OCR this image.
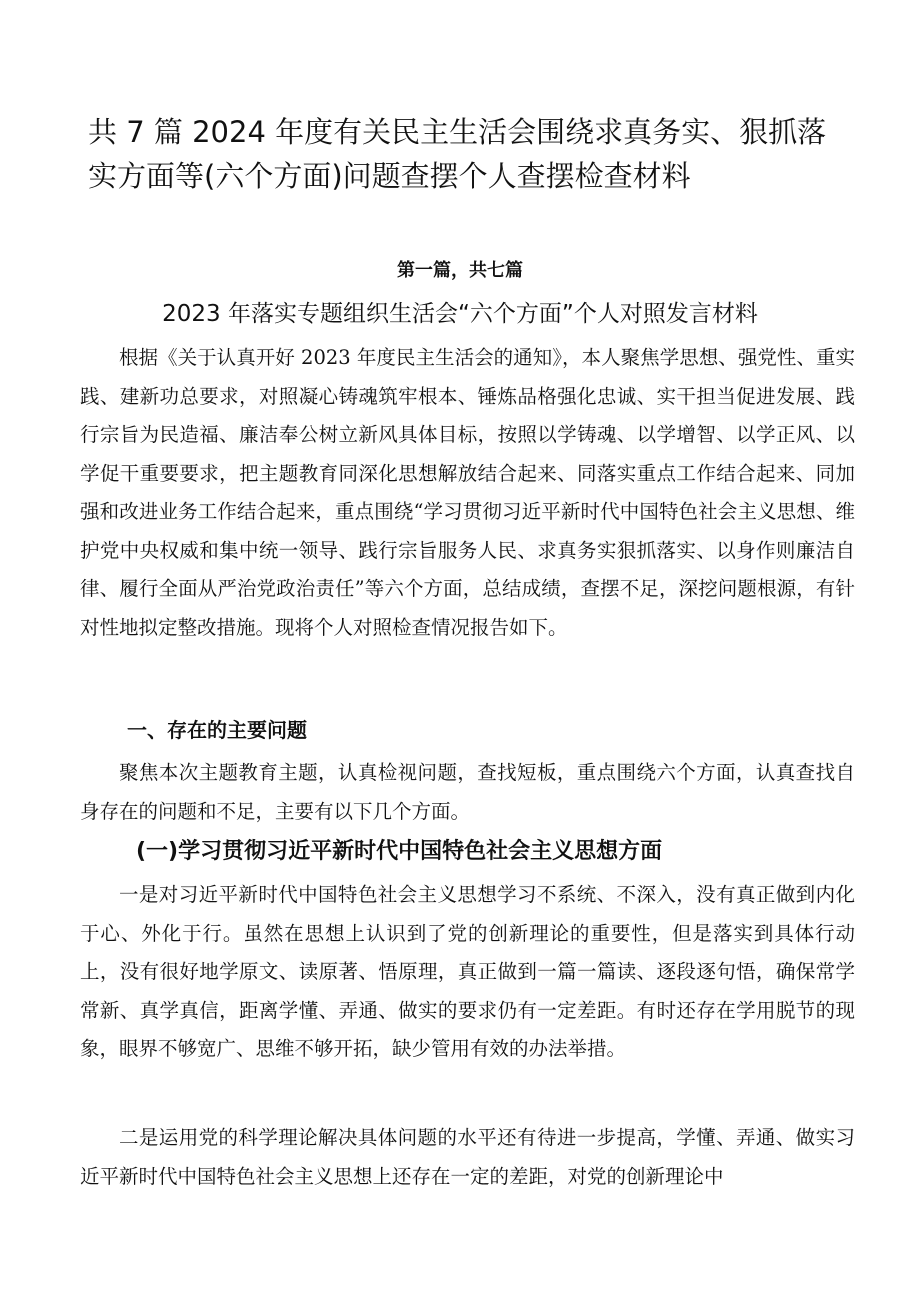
共 7 篇 2024 年度有关民主生活会围绕求真务实、狠抓落实方面等(六个方面)问题查摆个人查摆检查材料
第一篇，共七篇
2023 年落实专题组织生活会“六个方面”个人对照发言材料

根据《关于认真开好 2023 年度民主生活会的通知》，本人聚焦学思想、强党性、重实践、建新功总要求，对照凝心铸魂筑牢根本、锤炼品格强化忠诚、实干担当促进发展、践行宗旨为民造福、廉洁奉公树立新风具体目标，按照以学铸魂、以学增智、以学正风、以学促干重要要求，把主题教育同深化思想解放结合起来、同落实重点工作结合起来、同加强和改进业务工作结合起来，重点围绕“学习贯彻习近平新时代中国特色社会主义思想、维护党中央权威和集中统一领导、践行宗旨服务人民、求真务实狠抓落实、以身作则廉洁自律、履行全面从严治党政治责任”等六个方面，总结成绩，查摆不足，深挖问题根源，有针对性地拟定整改措施。现将个人对照检查情况报告如下。

一、存在的主要问题

聚焦本次主题教育主题，认真检视问题，查找短板，重点围绕六个方面，认真查找自身存在的问题和不足，主要有以下几个方面。

(一)学习贯彻习近平新时代中国特色社会主义思想方面

一是对习近平新时代中国特色社会主义思想学习不系统、不深入，没有真正做到内化于心、外化于行。虽然在思想上认识到了党的创新理论的重要性，但是落实到具体行动上，没有很好地学原文、读原著、悟原理，真正做到一篇一篇读、逐段逐句悟，确保常学常新、真学真信，距离学懂、弄通、做实的要求仍有一定差距。有时还存在学用脱节的现象，眼界不够宽广、思维不够开拓，缺少管用有效的办法举措。

二是运用党的科学理论解决具体问题的水平还有待进一步提高，学懂、弄通、做实习近平新时代中国特色社会主义思想上还存在一定的差距，对党的创新理论中
